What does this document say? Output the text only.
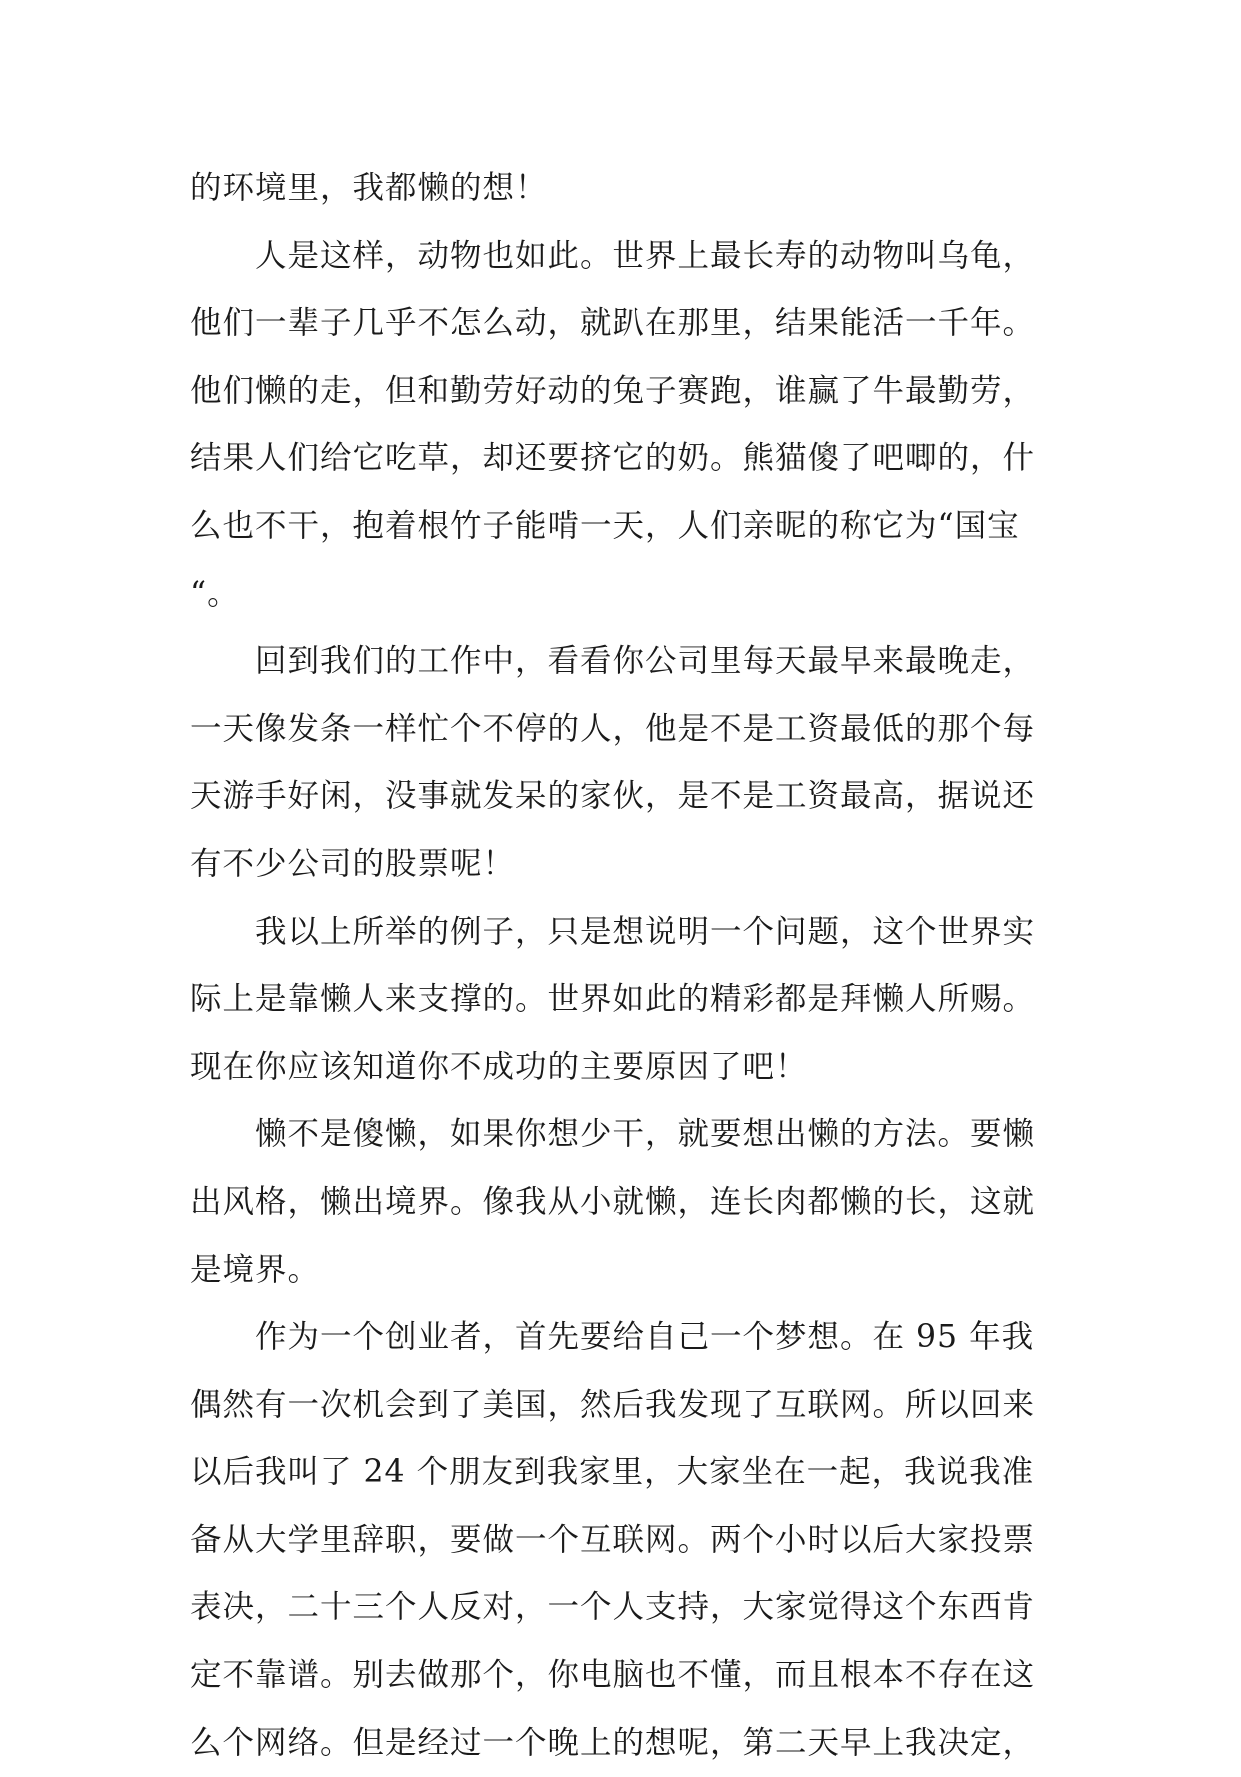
的环境里，我都懒的想！
　　人是这样，动物也如此。世界上最长寿的动物叫乌龟，
他们一辈子几乎不怎么动，就趴在那里，结果能活一千年。
他们懒的走，但和勤劳好动的兔子赛跑，谁赢了牛最勤劳，
结果人们给它吃草，却还要挤它的奶。熊猫傻了吧唧的，什
么也不干，抱着根竹子能啃一天，人们亲昵的称它为“国宝
“。
　　回到我们的工作中，看看你公司里每天最早来最晚走，
一天像发条一样忙个不停的人，他是不是工资最低的那个每
天游手好闲，没事就发呆的家伙，是不是工资最高，据说还
有不少公司的股票呢！
　　我以上所举的例子，只是想说明一个问题，这个世界实
际上是靠懒人来支撑的。世界如此的精彩都是拜懒人所赐。
现在你应该知道你不成功的主要原因了吧！
　　懒不是傻懒，如果你想少干，就要想出懒的方法。要懒
出风格，懒出境界。像我从小就懒，连长肉都懒的长，这就
是境界。
　　作为一个创业者，首先要给自己一个梦想。在 95 年我
偶然有一次机会到了美国，然后我发现了互联网。所以回来
以后我叫了 24 个朋友到我家里，大家坐在一起，我说我准
备从大学里辞职，要做一个互联网。两个小时以后大家投票
表决，二十三个人反对，一个人支持，大家觉得这个东西肯
定不靠谱。别去做那个，你电脑也不懂，而且根本不存在这
么个网络。但是经过一个晚上的想呢，第二天早上我决定，
